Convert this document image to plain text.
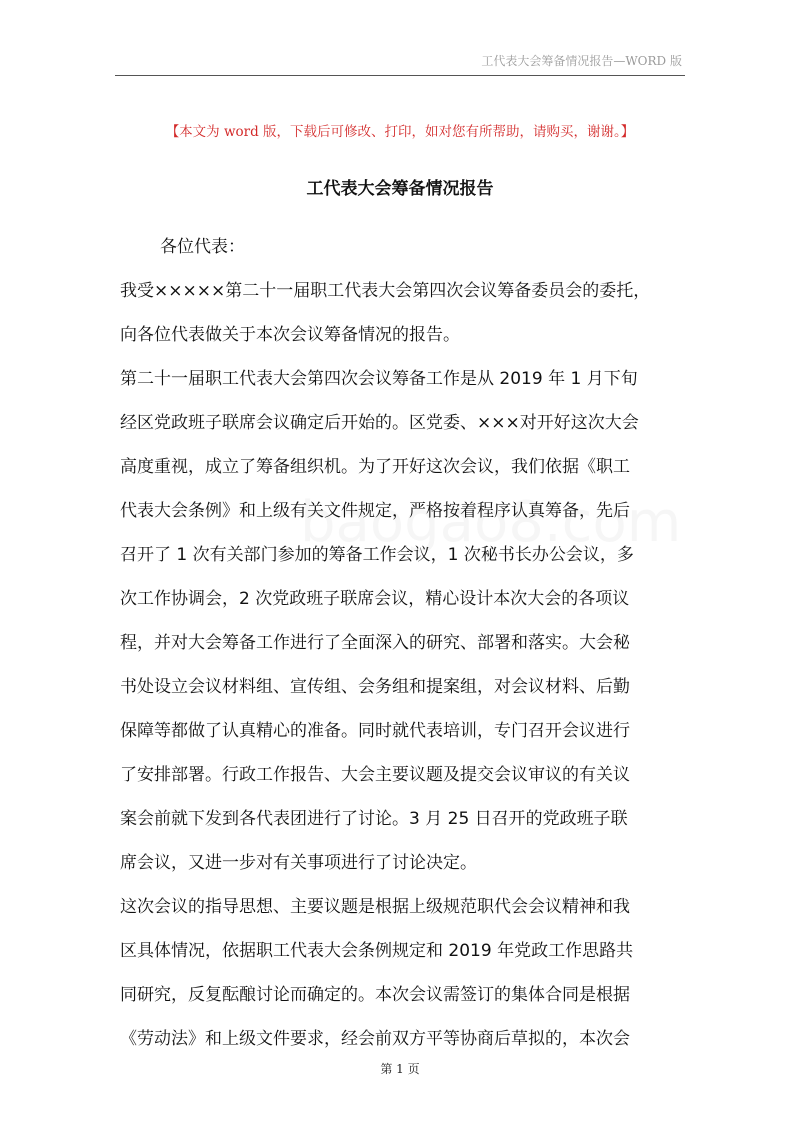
工代表大会筹备情况报告—WORD 版
【本文为 word 版，下载后可修改、打印，如对您有所帮助，请购买，谢谢。】
工代表大会筹备情况报告
各位代表：
我受×××××第二十一届职工代表大会第四次会议筹备委员会的委托，
向各位代表做关于本次会议筹备情况的报告。
第二十一届职工代表大会第四次会议筹备工作是从 2019 年 1 月下旬
经区党政班子联席会议确定后开始的。区党委、×××对开好这次大会
高度重视，成立了筹备组织机。为了开好这次会议，我们依据《职工
代表大会条例》和上级有关文件规定，严格按着程序认真筹备，先后
召开了 1 次有关部门参加的筹备工作会议，1 次秘书长办公会议，多
次工作协调会，2 次党政班子联席会议，精心设计本次大会的各项议
程，并对大会筹备工作进行了全面深入的研究、部署和落实。大会秘
书处设立会议材料组、宣传组、会务组和提案组，对会议材料、后勤
保障等都做了认真精心的准备。同时就代表培训，专门召开会议进行
了安排部署。行政工作报告、大会主要议题及提交会议审议的有关议
案会前就下发到各代表团进行了讨论。3 月 25 日召开的党政班子联
席会议，又进一步对有关事项进行了讨论决定。
这次会议的指导思想、主要议题是根据上级规范职代会会议精神和我
区具体情况，依据职工代表大会条例规定和 2019 年党政工作思路共
同研究，反复酝酿讨论而确定的。本次会议需签订的集体合同是根据
《劳动法》和上级文件要求，经会前双方平等协商后草拟的，本次会
第 1 页
